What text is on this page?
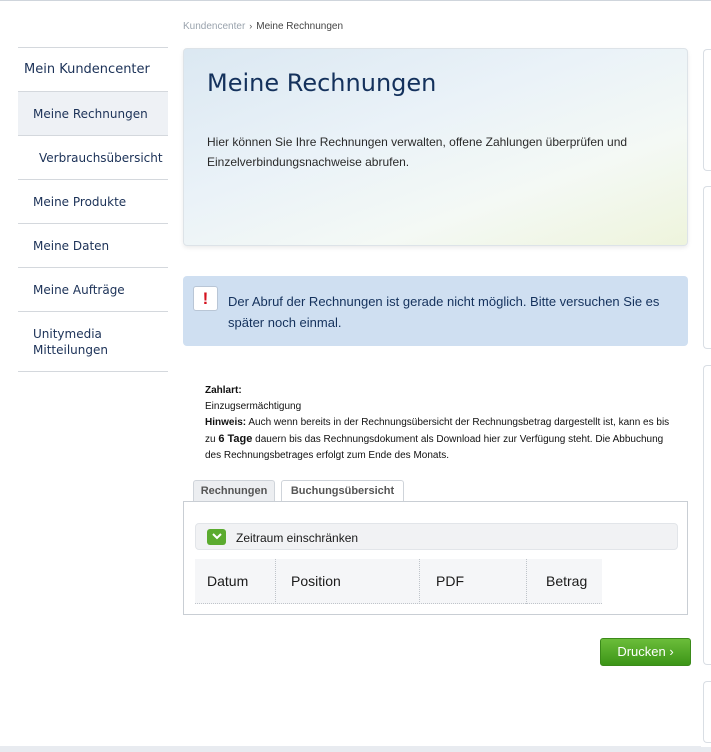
Kundencenter › Meine Rechnungen
Mein Kundencenter
Meine Rechnungen
Verbrauchsübersicht
Meine Produkte
Meine Daten
Meine Aufträge
Unitymedia Mitteilungen
Meine Rechnungen

Hier können Sie Ihre Rechnungen verwalten, offene Zahlungen überprüfen und Einzelverbindungsnachweise abrufen.

!	Der Abruf der Rechnungen ist gerade nicht möglich. Bitte versuchen Sie es später noch einmal.
Zahlart:
Einzugsermächtigung
Hinweis: Auch wenn bereits in der Rechnungsübersicht der Rechnungsbetrag dargestellt ist, kann es bis zu 6 Tage dauern bis das Rechnungsdokument als Download hier zur Verfügung steht. Die Abbuchung des Rechnungsbetrages erfolgt zum Ende des Monats.
Rechnungen	Buchungsübersicht
Zeitraum einschränken
Datum	Position	PDF	Betrag
Drucken ›
